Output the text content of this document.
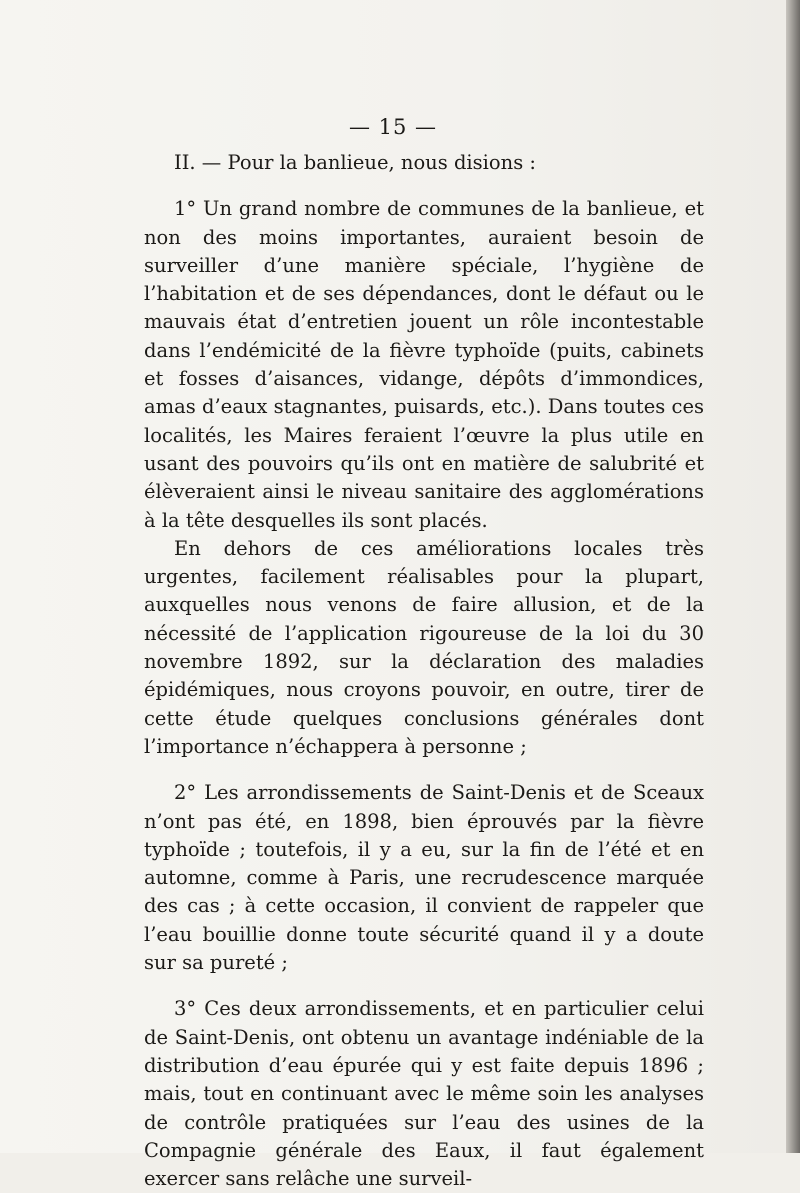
— 15 —

II. — Pour la banlieue, nous disions :

1° Un grand nombre de communes de la banlieue, et non des moins importantes, auraient besoin de surveiller d’une manière spéciale, l’hygiène de l’habitation et de ses dépendances, dont le défaut ou le mauvais état d’entretien jouent un rôle incontestable dans l’endémicité de la fièvre typhoïde (puits, cabinets et fosses d’aisances, vidange, dépôts d’immondices, amas d’eaux stagnantes, puisards, etc.). Dans toutes ces localités, les Maires feraient l’œuvre la plus utile en usant des pouvoirs qu’ils ont en matière de salubrité et élèveraient ainsi le niveau sanitaire des agglomérations à la tête desquelles ils sont placés.

En dehors de ces améliorations locales très urgentes, facilement réalisables pour la plupart, auxquelles nous venons de faire allusion, et de la nécessité de l’application rigoureuse de la loi du 30 novembre 1892, sur la déclaration des maladies épidémiques, nous croyons pouvoir, en outre, tirer de cette étude quelques conclusions générales dont l’importance n’échappera à personne ;

2° Les arrondissements de Saint-Denis et de Sceaux n’ont pas été, en 1898, bien éprouvés par la fièvre typhoïde ; toutefois, il y a eu, sur la fin de l’été et en automne, comme à Paris, une recrudescence marquée des cas ; à cette occasion, il convient de rappeler que l’eau bouillie donne toute sécurité quand il y a doute sur sa pureté ;

3° Ces deux arrondissements, et en particulier celui de Saint-Denis, ont obtenu un avantage indéniable de la distribution d’eau épurée qui y est faite depuis 1896 ; mais, tout en continuant avec le même soin les analyses de contrôle pratiquées sur l’eau des usines de la Compagnie générale des Eaux, il faut également exercer sans relâche une surveil-
